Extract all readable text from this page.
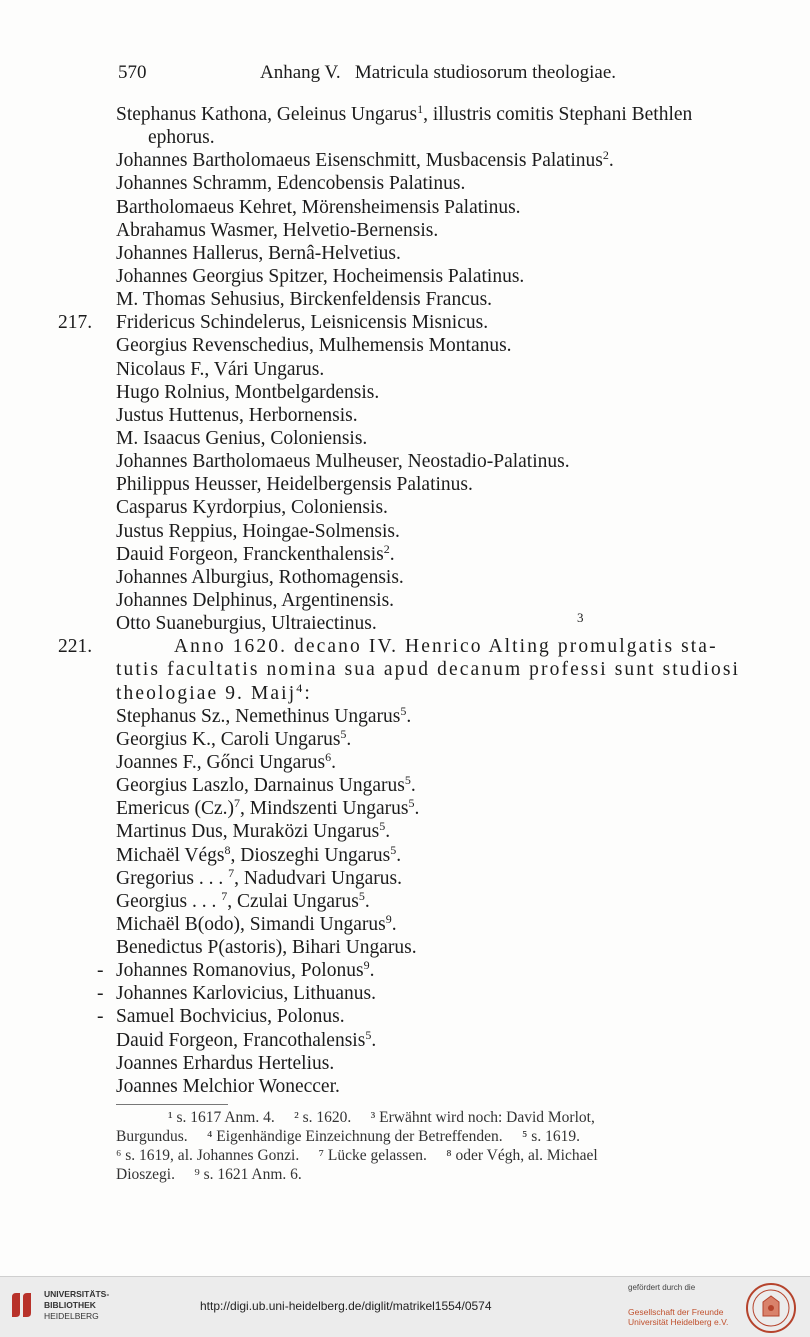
570	Anhang V.   Matricula studiosorum theologiae.
Stephanus Kathona, Geleinus Ungarus$^1$, illustris comitis Stephani Bethlen
ephorus.
Johannes Bartholomaeus Eisenschmitt, Musbacensis Palatinus$^2$.
Johannes Schramm, Edencobensis Palatinus.
Bartholomaeus Kehret, Mörensheimensis Palatinus.
Abrahamus Wasmer, Helvetio-Bernensis.
Johannes Hallerus, Bernâ-Helvetius.
Johannes Georgius Spitzer, Hocheimensis Palatinus.
M. Thomas Sehusius, Birckenfeldensis Francus.
217. Fridericus Schindelerus, Leisnicensis Misnicus.
Georgius Revenschedius, Mulhemensis Montanus.
Nicolaus F., Vári Ungarus.
Hugo Rolnius, Montbelgardensis.
Justus Huttenus, Herbornensis.
M. Isaacus Genius, Coloniensis.
Johannes Bartholomaeus Mulheuser, Neostadio-Palatinus.
Philippus Heusser, Heidelbergensis Palatinus.
Casparus Kyrdorpius, Coloniensis.
Justus Reppius, Hoingae-Solmensis.
Dauid Forgeon, Franckenthalensis$^2$.
Johannes Alburgius, Rothomagensis.
Johannes Delphinus, Argentinensis.
Otto Suaneburgius, Ultraiectinus.	3
221.	Anno 1620. decano IV. Henrico Alting promulgatis sta-
tutis facultatis nomina sua apud decanum professi sunt studiosi
theologiae 9. Maij$^4$:
Stephanus Sz., Nemethinus Ungarus$^5$.
Georgius K., Caroli Ungarus$^5$.
Joannes F., Gőnci Ungarus$^6$.
Georgius Laszlo, Darnainus Ungarus$^5$.
Emericus $(Cz.)^7$, Mindszenti Ungarus$^5$.
Martinus Dus, Muraközi Ungarus$^5$.
Michaël Végs$^8$, Dioszeghi Ungarus$^5$.
Gregorius . . . $^7$, Nadudvari Ungarus.
Georgius . . . $^7$, Czulai Ungarus$^5$.
Michaël B(odo), Simandi Ungarus$^9$.
Benedictus P(astoris), Bihari Ungarus.
- Johannes Romanovius, Polonus$^9$.
- Johannes Karlovicius, Lithuanus.
- Samuel Bochvicius, Polonus.
Dauid Forgeon, Francothalensis$^5$.
Joannes Erhardus Hertelius.
Joannes Melchior Woneccer.
¹ s. 1617 Anm. 4.     ² s. 1620.     ³ Erwähnt wird noch: David Morlot,
Burgundus.     ⁴ Eigenhändige Einzeichnung der Betreffenden.     ⁵ s. 1619.
⁶ s. 1619, al. Johannes Gonzi.     ⁷ Lücke gelassen.     ⁸ oder Végh, al. Michael
Dioszegi.     ⁹ s. 1621 Anm. 6.
UNIVERSITÄTS-
BIBLIOTHEK
HEIDELBERG
http://digi.ub.uni-heidelberg.de/diglit/matrikel1554/0574
gefördert durch die
Gesellschaft der Freunde
Universität Heidelberg e.V.
